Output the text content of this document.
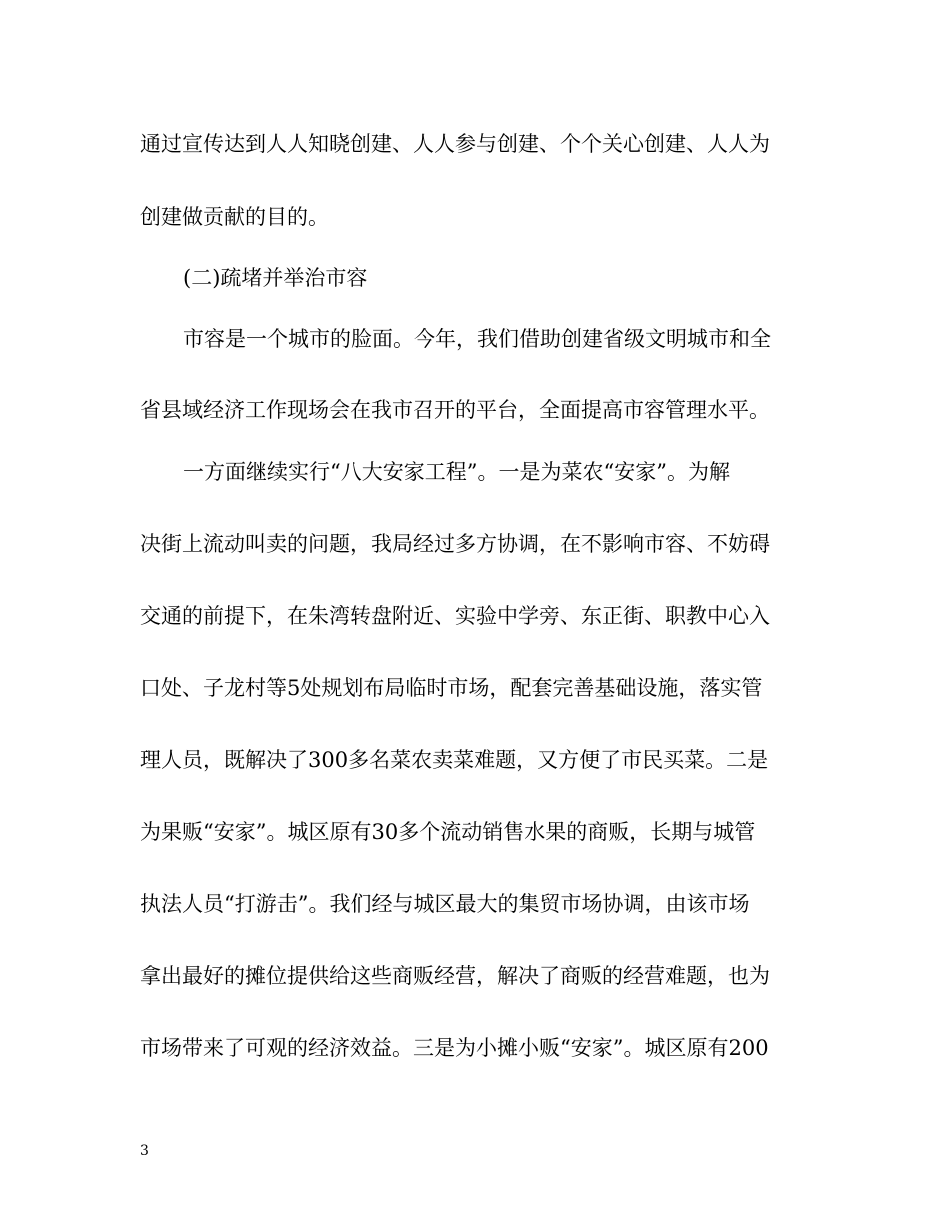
通过宣传达到人人知晓创建、人人参与创建、个个关心创建、人人为
创建做贡献的目的。
(二)疏堵并举治市容
市容是一个城市的脸面。今年，我们借助创建省级文明城市和全
省县域经济工作现场会在我市召开的平台，全面提高市容管理水平。
一方面继续实行“八大安家工程”。一是为菜农“安家”。为解
决街上流动叫卖的问题，我局经过多方协调，在不影响市容、不妨碍
交通的前提下，在朱湾转盘附近、实验中学旁、东正街、职教中心入
口处、子龙村等5处规划布局临时市场，配套完善基础设施，落实管
理人员，既解决了300多名菜农卖菜难题，又方便了市民买菜。二是
为果贩“安家”。城区原有30多个流动销售水果的商贩，长期与城管
执法人员“打游击”。我们经与城区最大的集贸市场协调，由该市场
拿出最好的摊位提供给这些商贩经营，解决了商贩的经营难题，也为
市场带来了可观的经济效益。三是为小摊小贩“安家”。城区原有200
3
